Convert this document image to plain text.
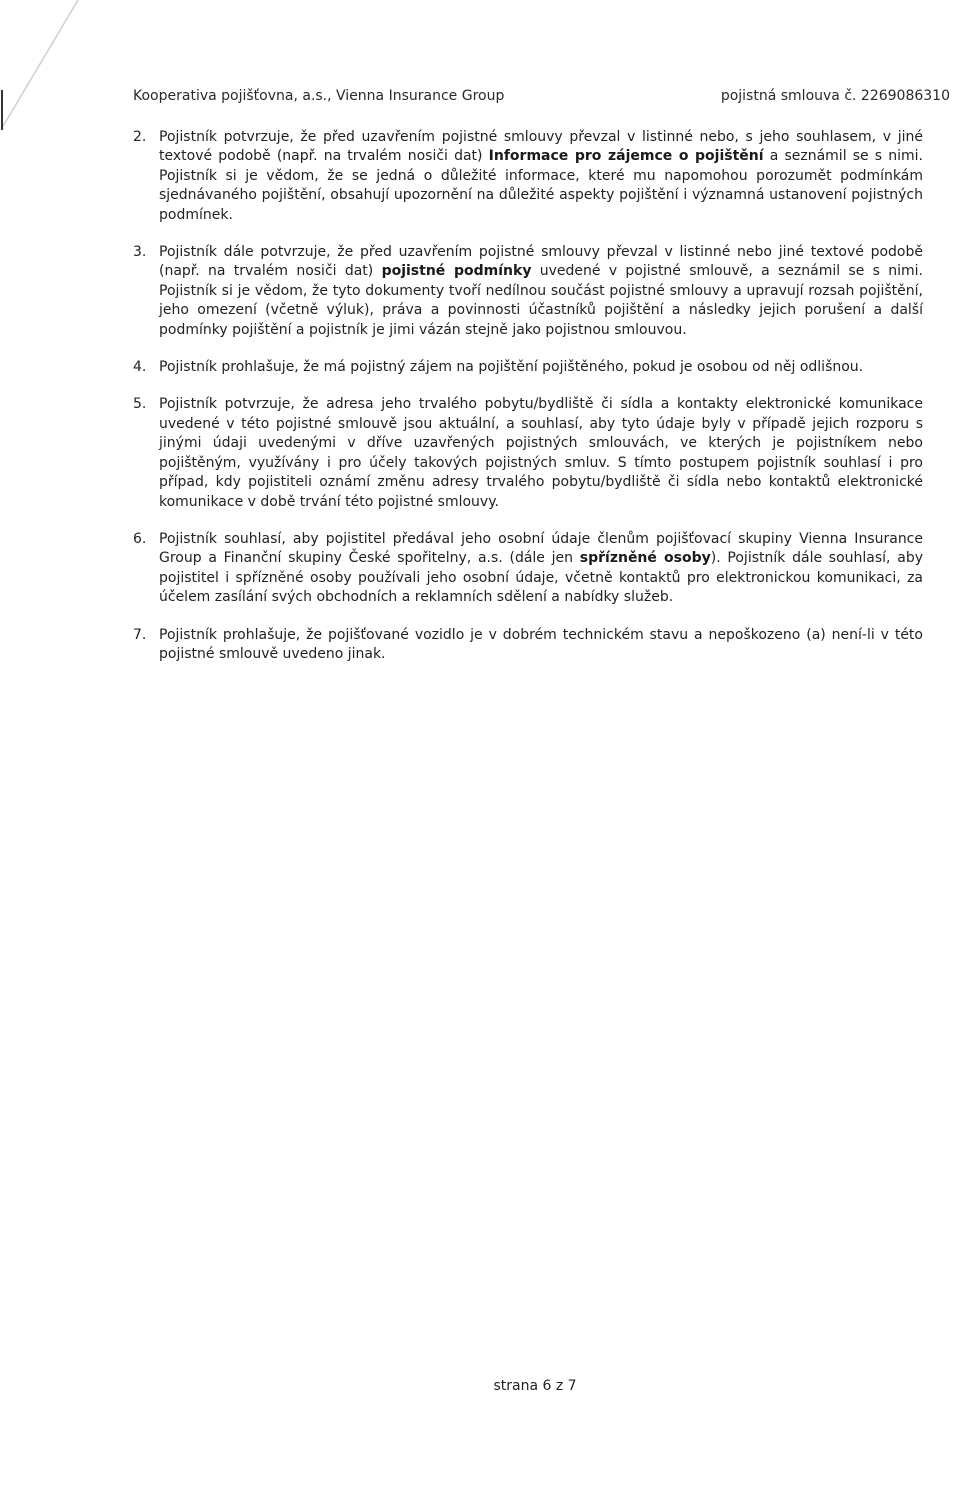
Kooperativa pojišťovna, a.s., Vienna Insurance Group	pojistná smlouva č. 2269086310
2. Pojistník potvrzuje, že před uzavřením pojistné smlouvy převzal v listinné nebo, s jeho souhlasem, v jiné textové podobě (např. na trvalém nosiči dat) Informace pro zájemce o pojištění a seznámil se s nimi. Pojistník si je vědom, že se jedná o důležité informace, které mu napomohou porozumět podmínkám sjednávaného pojištění, obsahují upozornění na důležité aspekty pojištění i významná ustanovení pojistných podmínek.
3. Pojistník dále potvrzuje, že před uzavřením pojistné smlouvy převzal v listinné nebo jiné textové podobě (např. na trvalém nosiči dat) pojistné podmínky uvedené v pojistné smlouvě, a seznámil se s nimi. Pojistník si je vědom, že tyto dokumenty tvoří nedílnou součást pojistné smlouvy a upravují rozsah pojištění, jeho omezení (včetně výluk), práva a povinnosti účastníků pojištění a následky jejich porušení a další podmínky pojištění a pojistník je jimi vázán stejně jako pojistnou smlouvou.
4. Pojistník prohlašuje, že má pojistný zájem na pojištění pojištěného, pokud je osobou od něj odlišnou.
5. Pojistník potvrzuje, že adresa jeho trvalého pobytu/bydliště či sídla a kontakty elektronické komunikace uvedené v této pojistné smlouvě jsou aktuální, a souhlasí, aby tyto údaje byly v případě jejich rozporu s jinými údaji uvedenými v dříve uzavřených pojistných smlouvách, ve kterých je pojistníkem nebo pojištěným, využívány i pro účely takových pojistných smluv. S tímto postupem pojistník souhlasí i pro případ, kdy pojistiteli oznámí změnu adresy trvalého pobytu/bydliště či sídla nebo kontaktů elektronické komunikace v době trvání této pojistné smlouvy.
6. Pojistník souhlasí, aby pojistitel předával jeho osobní údaje členům pojišťovací skupiny Vienna Insurance Group a Finanční skupiny České spořitelny, a.s. (dále jen spřízněné osoby). Pojistník dále souhlasí, aby pojistitel i spřízněné osoby používali jeho osobní údaje, včetně kontaktů pro elektronickou komunikaci, za účelem zasílání svých obchodních a reklamních sdělení a nabídky služeb.
7. Pojistník prohlašuje, že pojišťované vozidlo je v dobrém technickém stavu a nepoškozeno (a) není-li v této pojistné smlouvě uvedeno jinak.
strana 6 z 7
